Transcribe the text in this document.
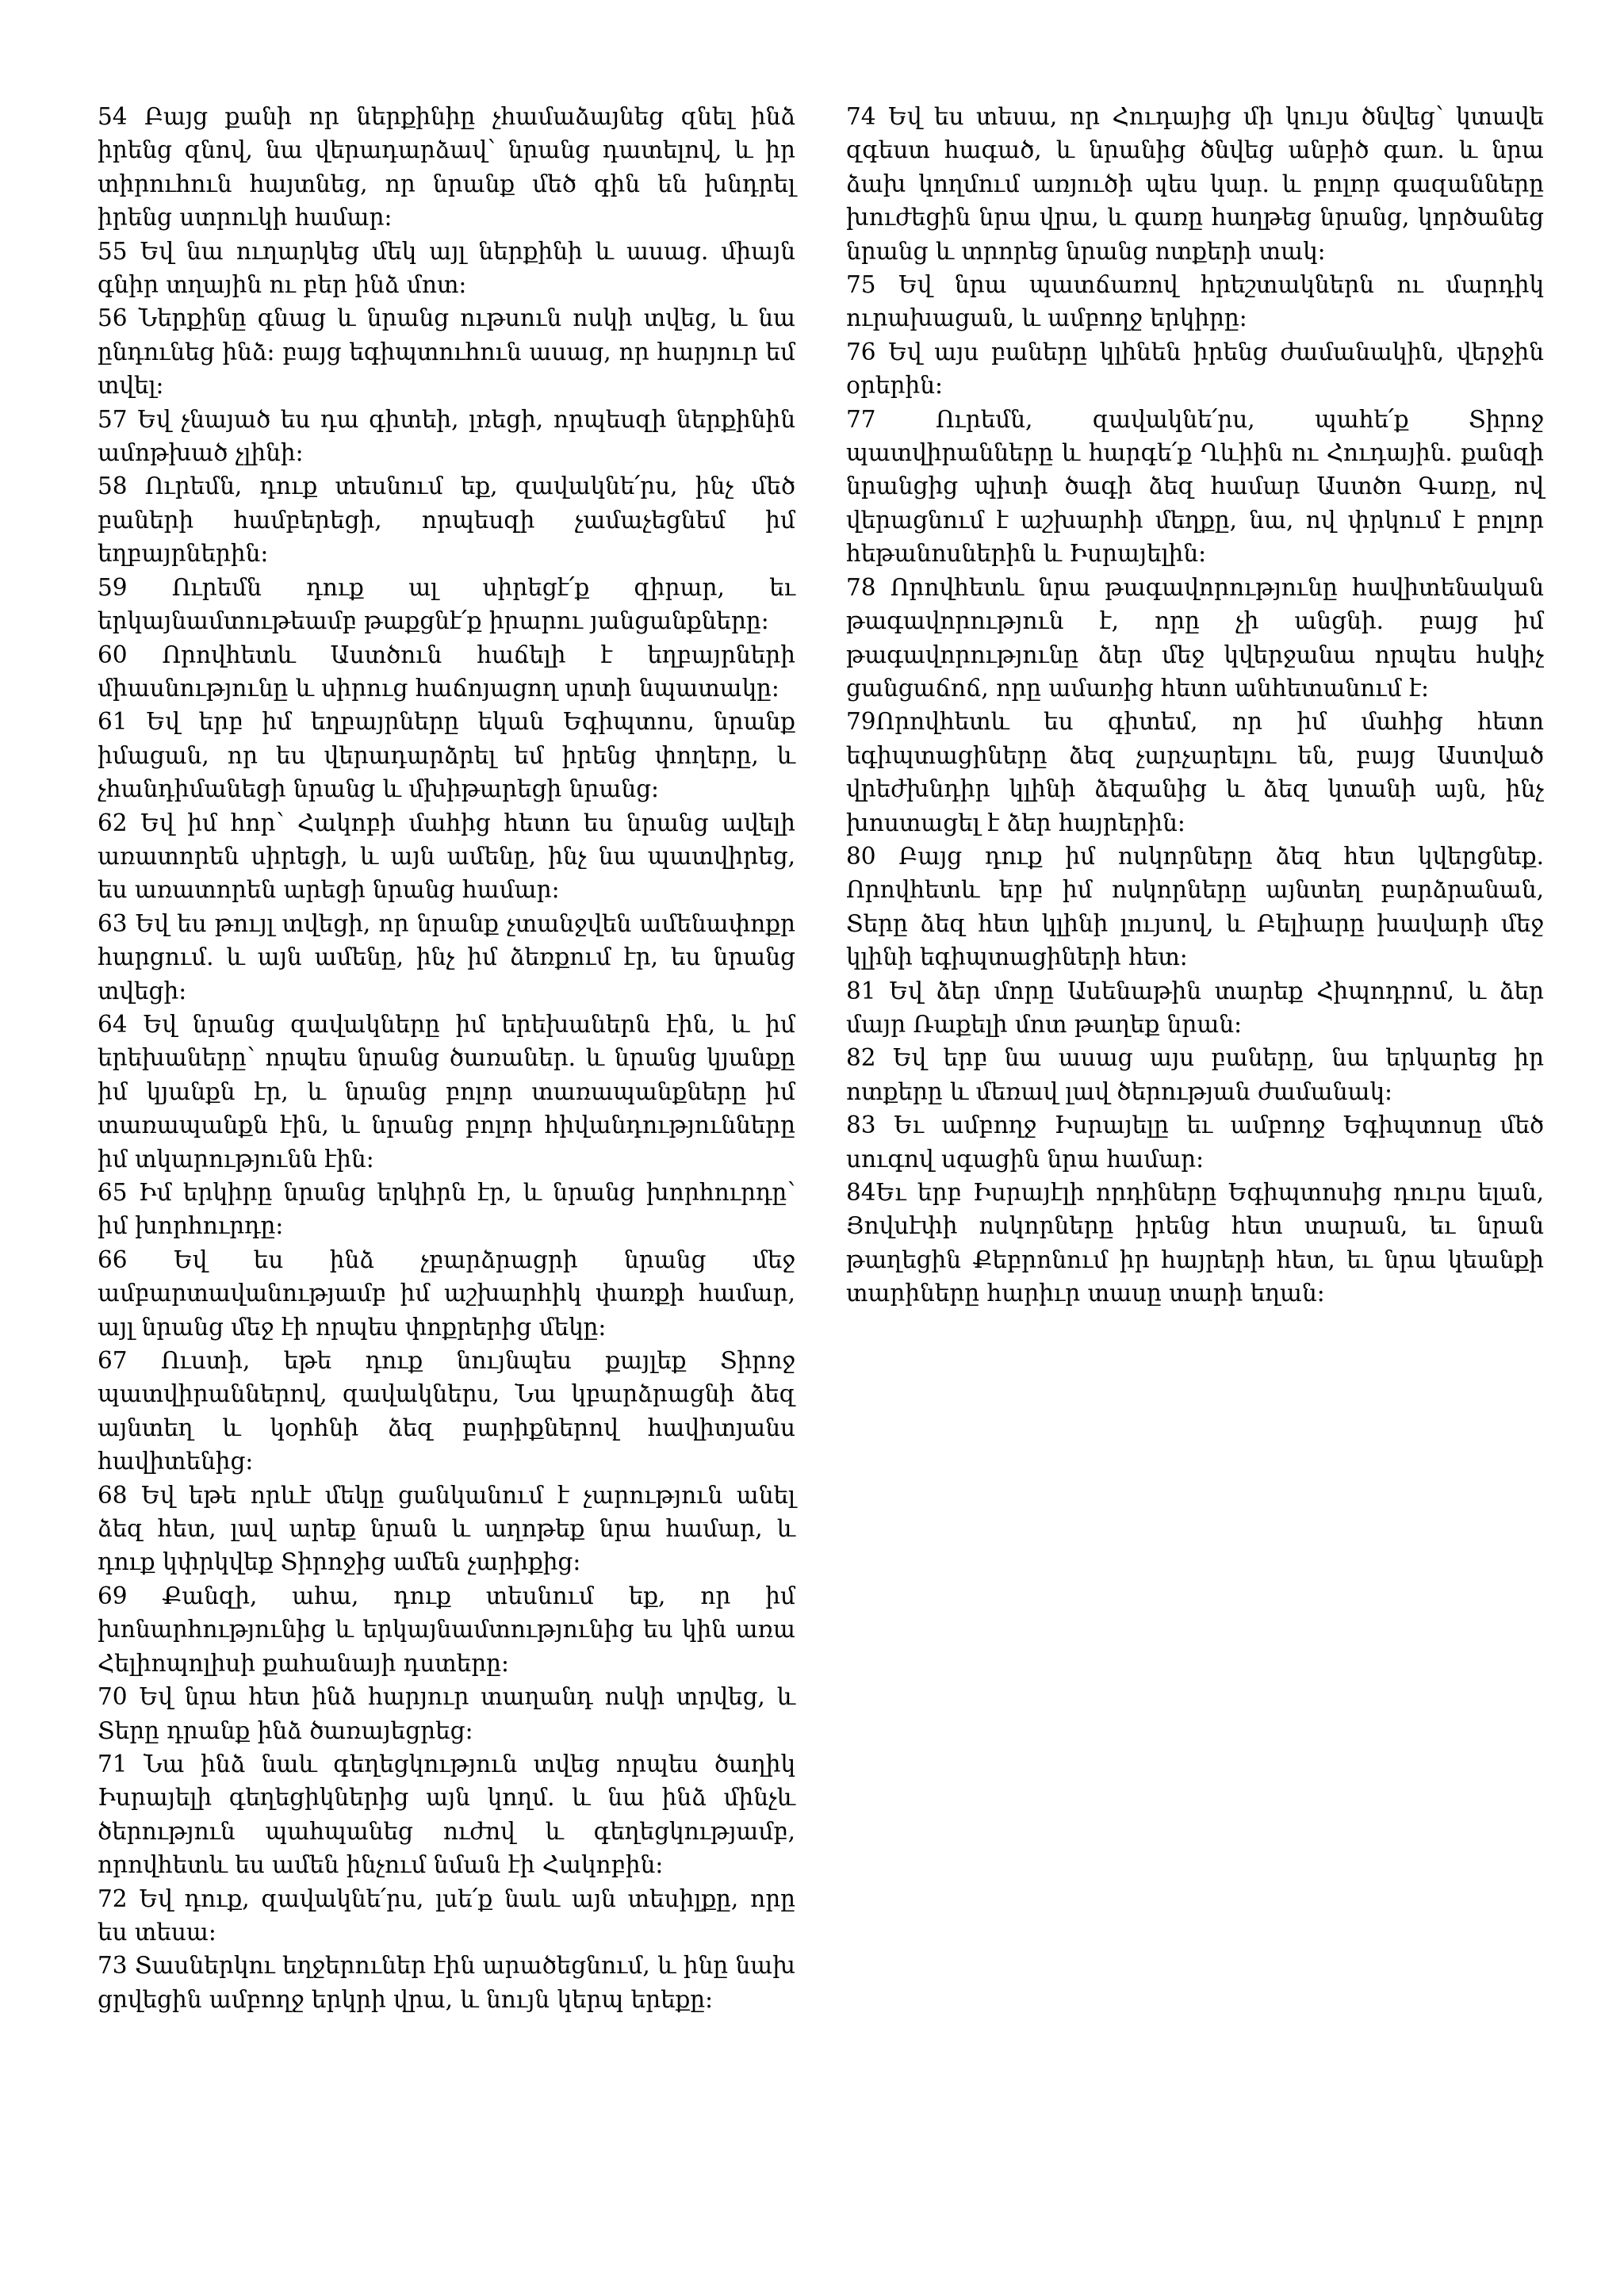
54 Բայց քանի որ ներքինիը չհամաձայնեց զնել ինձ իրենց զնով, նա վերադարձավ՝ նրանց դատելով, և իր տիրուհուն հայտնեց, որ նրանք մեծ գին են խնդրել իրենց ստրուկի համար:

55 Եվ նա ուղարկեց մեկ այլ ներքինի և ասաց. միայն գնիր տղային ու բեր ինձ մոտ:

56 Ներքինը գնաց և նրանց ութսուն ոսկի տվեց, և նա ընդունեց ինձ: բայց եգիպտուհուն ասաց, որ հարյուր եմ տվել:

57 Եվ չնայած ես դա գիտեի, լռեցի, որպեսզի ներքինին ամոթխած չլինի:

58 Ուրեմն, դուք տեսնում եք, զավակնե՛րս, ինչ մեծ բաների համբերեցի, որպեսզի չամաչեցնեմ իմ եղբայրներին:

59 Ուրեմն դուք ալ սիրեցէ՛ք զիրար, եւ երկայնամտութեամբ թաքցնէ՛ք իրարու յանցանքները:

60 Որովհետև Աստծուն հաճելի է եղբայրների միասնությունը և սիրուց հաճոյացող սրտի նպատակը:

61 Եվ երբ իմ եղբայրները եկան Եգիպտոս, նրանք իմացան, որ ես վերադարձրել եմ իրենց փողերը, և չհանդիմանեցի նրանց և մխիթարեցի նրանց:

62 Եվ իմ հոր՝ Հակոբի մահից հետո ես նրանց ավելի առատորեն սիրեցի, և այն ամենը, ինչ նա պատվիրեց, ես առատորեն արեցի նրանց համար:

63 Եվ ես թույլ տվեցի, որ նրանք չտանջվեն ամենափոքր հարցում. և այն ամենը, ինչ իմ ձեռքում էր, ես նրանց տվեցի:

64 Եվ նրանց զավակները իմ երեխաներն էին, և իմ երեխաները՝ որպես նրանց ծառաներ. և նրանց կյանքը իմ կյանքն էր, և նրանց բոլոր տառապանքները իմ տառապանքն էին, և նրանց բոլոր հիվանդությունները իմ տկարությունն էին:

65 Իմ երկիրը նրանց երկիրն էր, և նրանց խորհուրդը՝ իմ խորհուրդը:

66 Եվ ես ինձ չբարձրացրի նրանց մեջ ամբարտավանությամբ իմ աշխարհիկ փառքի համար, այլ նրանց մեջ էի որպես փոքրերից մեկը:

67 Ուստի, եթե դուք նույնպես քայլեք Տիրոջ պատվիրաններով, զավակներս, Նա կբարձրացնի ձեզ այնտեղ և կօրհնի ձեզ բարիքներով հավիտյանս հավիտենից:

68 Եվ եթե որևէ մեկը ցանկանում է չարություն անել ձեզ հետ, լավ արեք նրան և աղոթեք նրա համար, և դուք կփրկվեք Տիրոջից ամեն չարիքից:

69 Քանզի, ահա, դուք տեսնում եք, որ իմ խոնարհությունից և երկայնամտությունից ես կին առա Հելիոպոլիսի քահանայի դստերը:

70 Եվ նրա հետ ինձ հարյուր տաղանդ ոսկի տրվեց, և Տերը դրանք ինձ ծառայեցրեց:

71 Նա ինձ նաև գեղեցկություն տվեց որպես ծաղիկ Իսրայելի գեղեցիկներից այն կողմ. և նա ինձ մինչև ծերություն պահպանեց ուժով և գեղեցկությամբ, որովհետև ես ամեն ինչում նման էի Հակոբին:

72 Եվ դուք, զավակնե՛րս, լսե՛ք նաև այն տեսիլքը, որը ես տեսա:

73 Տասներկու եղջերուներ էին արածեցնում, և ինը նախ ցրվեցին ամբողջ երկրի վրա, և նույն կերպ երեքը:

74 Եվ ես տեսա, որ Հուդայից մի կույս ծնվեց՝ կտավե զգեստ հագած, և նրանից ծնվեց անբիծ գառ. և նրա ձախ կողմում առյուծի պես կար. և բոլոր գազանները խուժեցին նրա վրա, և գառը հաղթեց նրանց, կործանեց նրանց և տրորեց նրանց ոտքերի տակ:

75 Եվ նրա պատճառով հրեշտակներն ու մարդիկ ուրախացան, և ամբողջ երկիրը:

76 Եվ այս բաները կլինեն իրենց ժամանակին, վերջին օրերին:

77 Ուրեմն, զավակնե՛րս, պահե՛ք Տիրոջ պատվիրանները և հարգե՛ք Ղևիին ու Հուդային. քանզի նրանցից պիտի ծագի ձեզ համար Աստծո Գառը, ով վերացնում է աշխարհի մեղքը, նա, ով փրկում է բոլոր հեթանոսներին և Իսրայելին:

78 Որովհետև նրա թագավորությունը հավիտենական թագավորություն է, որը չի անցնի. բայց իմ թագավորությունը ձեր մեջ կվերջանա որպես հսկիչ ցանցաճոճ, որը ամառից հետո անհետանում է:

79Որովհետև ես գիտեմ, որ իմ մահից հետո եգիպտացիները ձեզ չարչարելու են, բայց Աստված վրեժխնդիր կլինի ձեզանից և ձեզ կտանի այն, ինչ խոստացել է ձեր հայրերին:

80 Բայց դուք իմ ոսկորները ձեզ հետ կվերցնեք. Որովհետև երբ իմ ոսկորները այնտեղ բարձրանան, Տերը ձեզ հետ կլինի լույսով, և Բելիարը խավարի մեջ կլինի եգիպտացիների հետ:

81 Եվ ձեր մորը Ասենաթին տարեք Հիպոդրոմ, և ձեր մայր Ռաքելի մոտ թաղեք նրան:

82 Եվ երբ նա ասաց այս բաները, նա երկարեց իր ոտքերը և մեռավ լավ ծերության ժամանակ:

83 Եւ ամբողջ Իսրայելը եւ ամբողջ Եգիպտոսը մեծ սուգով սգացին նրա համար:

84Եւ երբ Իսրայէլի որդիները Եգիպտոսից դուրս ելան, Յովսէփի ոսկորները իրենց հետ տարան, եւ նրան թաղեցին Քեբրոնում իր հայրերի հետ, եւ նրա կեանքի տարիները հարիւր տասը տարի եղան:
